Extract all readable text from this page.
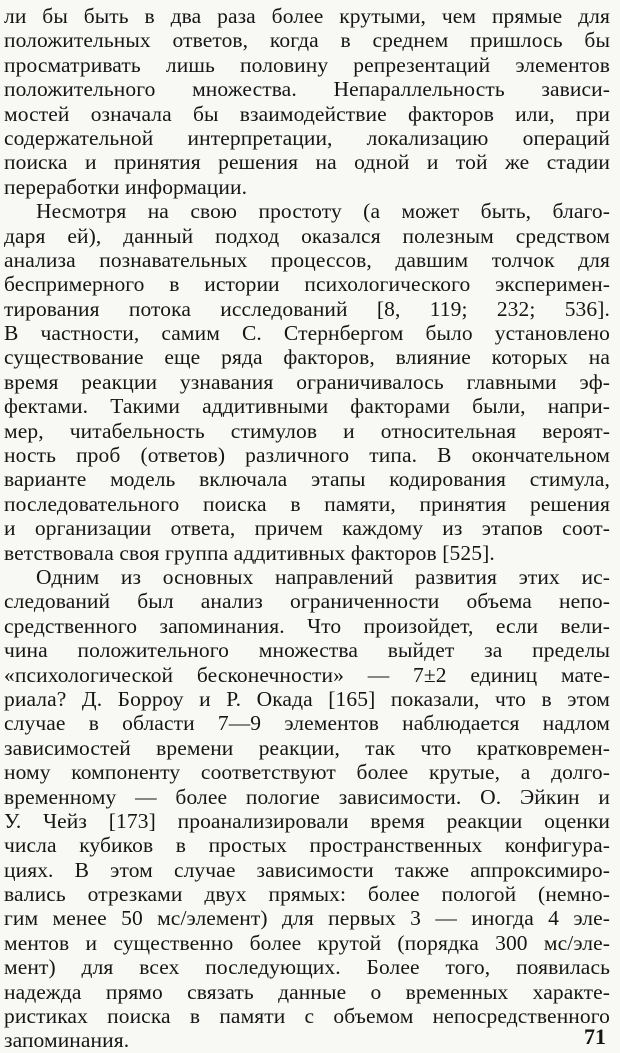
ли бы быть в два раза более крутыми, чем прямые для
положительных ответов, когда в среднем пришлось бы
просматривать лишь половину репрезентаций элементов
положительного множества. Непараллельность зависи-
мостей означала бы взаимодействие факторов или, при
содержательной интерпретации, локализацию операций
поиска и принятия решения на одной и той же стадии
переработки информации.
Несмотря на свою простоту (а может быть, благо-
даря ей), данный подход оказался полезным средством
анализа познавательных процессов, давшим толчок для
беспримерного в истории психологического эксперимен-
тирования потока исследований [8, 119; 232; 536].
В частности, самим С. Стернбергом было установлено
существование еще ряда факторов, влияние которых на
время реакции узнавания ограничивалось главными эф-
фектами. Такими аддитивными факторами были, напри-
мер, читабельность стимулов и относительная вероят-
ность проб (ответов) различного типа. В окончательном
варианте модель включала этапы кодирования стимула,
последовательного поиска в памяти, принятия решения
и организации ответа, причем каждому из этапов соот-
ветствовала своя группа аддитивных факторов [525].
Одним из основных направлений развития этих ис-
следований был анализ ограниченности объема непо-
средственного запоминания. Что произойдет, если вели-
чина положительного множества выйдет за пределы
«психологической бесконечности» — 7±2 единиц мате-
риала? Д. Борроу и Р. Окада [165] показали, что в этом
случае в области 7—9 элементов наблюдается надлом
зависимостей времени реакции, так что кратковремен-
ному компоненту соответствуют более крутые, а долго-
временному — более пологие зависимости. О. Эйкин и
У. Чейз [173] проанализировали время реакции оценки
числа кубиков в простых пространственных конфигура-
циях. В этом случае зависимости также аппроксимиро-
вались отрезками двух прямых: более пологой (немно-
гим менее 50 мс/элемент) для первых 3 — иногда 4 эле-
ментов и существенно более крутой (порядка 300 мс/эле-
мент) для всех последующих. Более того, появилась
надежда прямо связать данные о временных характе-
ристиках поиска в памяти с объемом непосредственного
запоминания.	71
